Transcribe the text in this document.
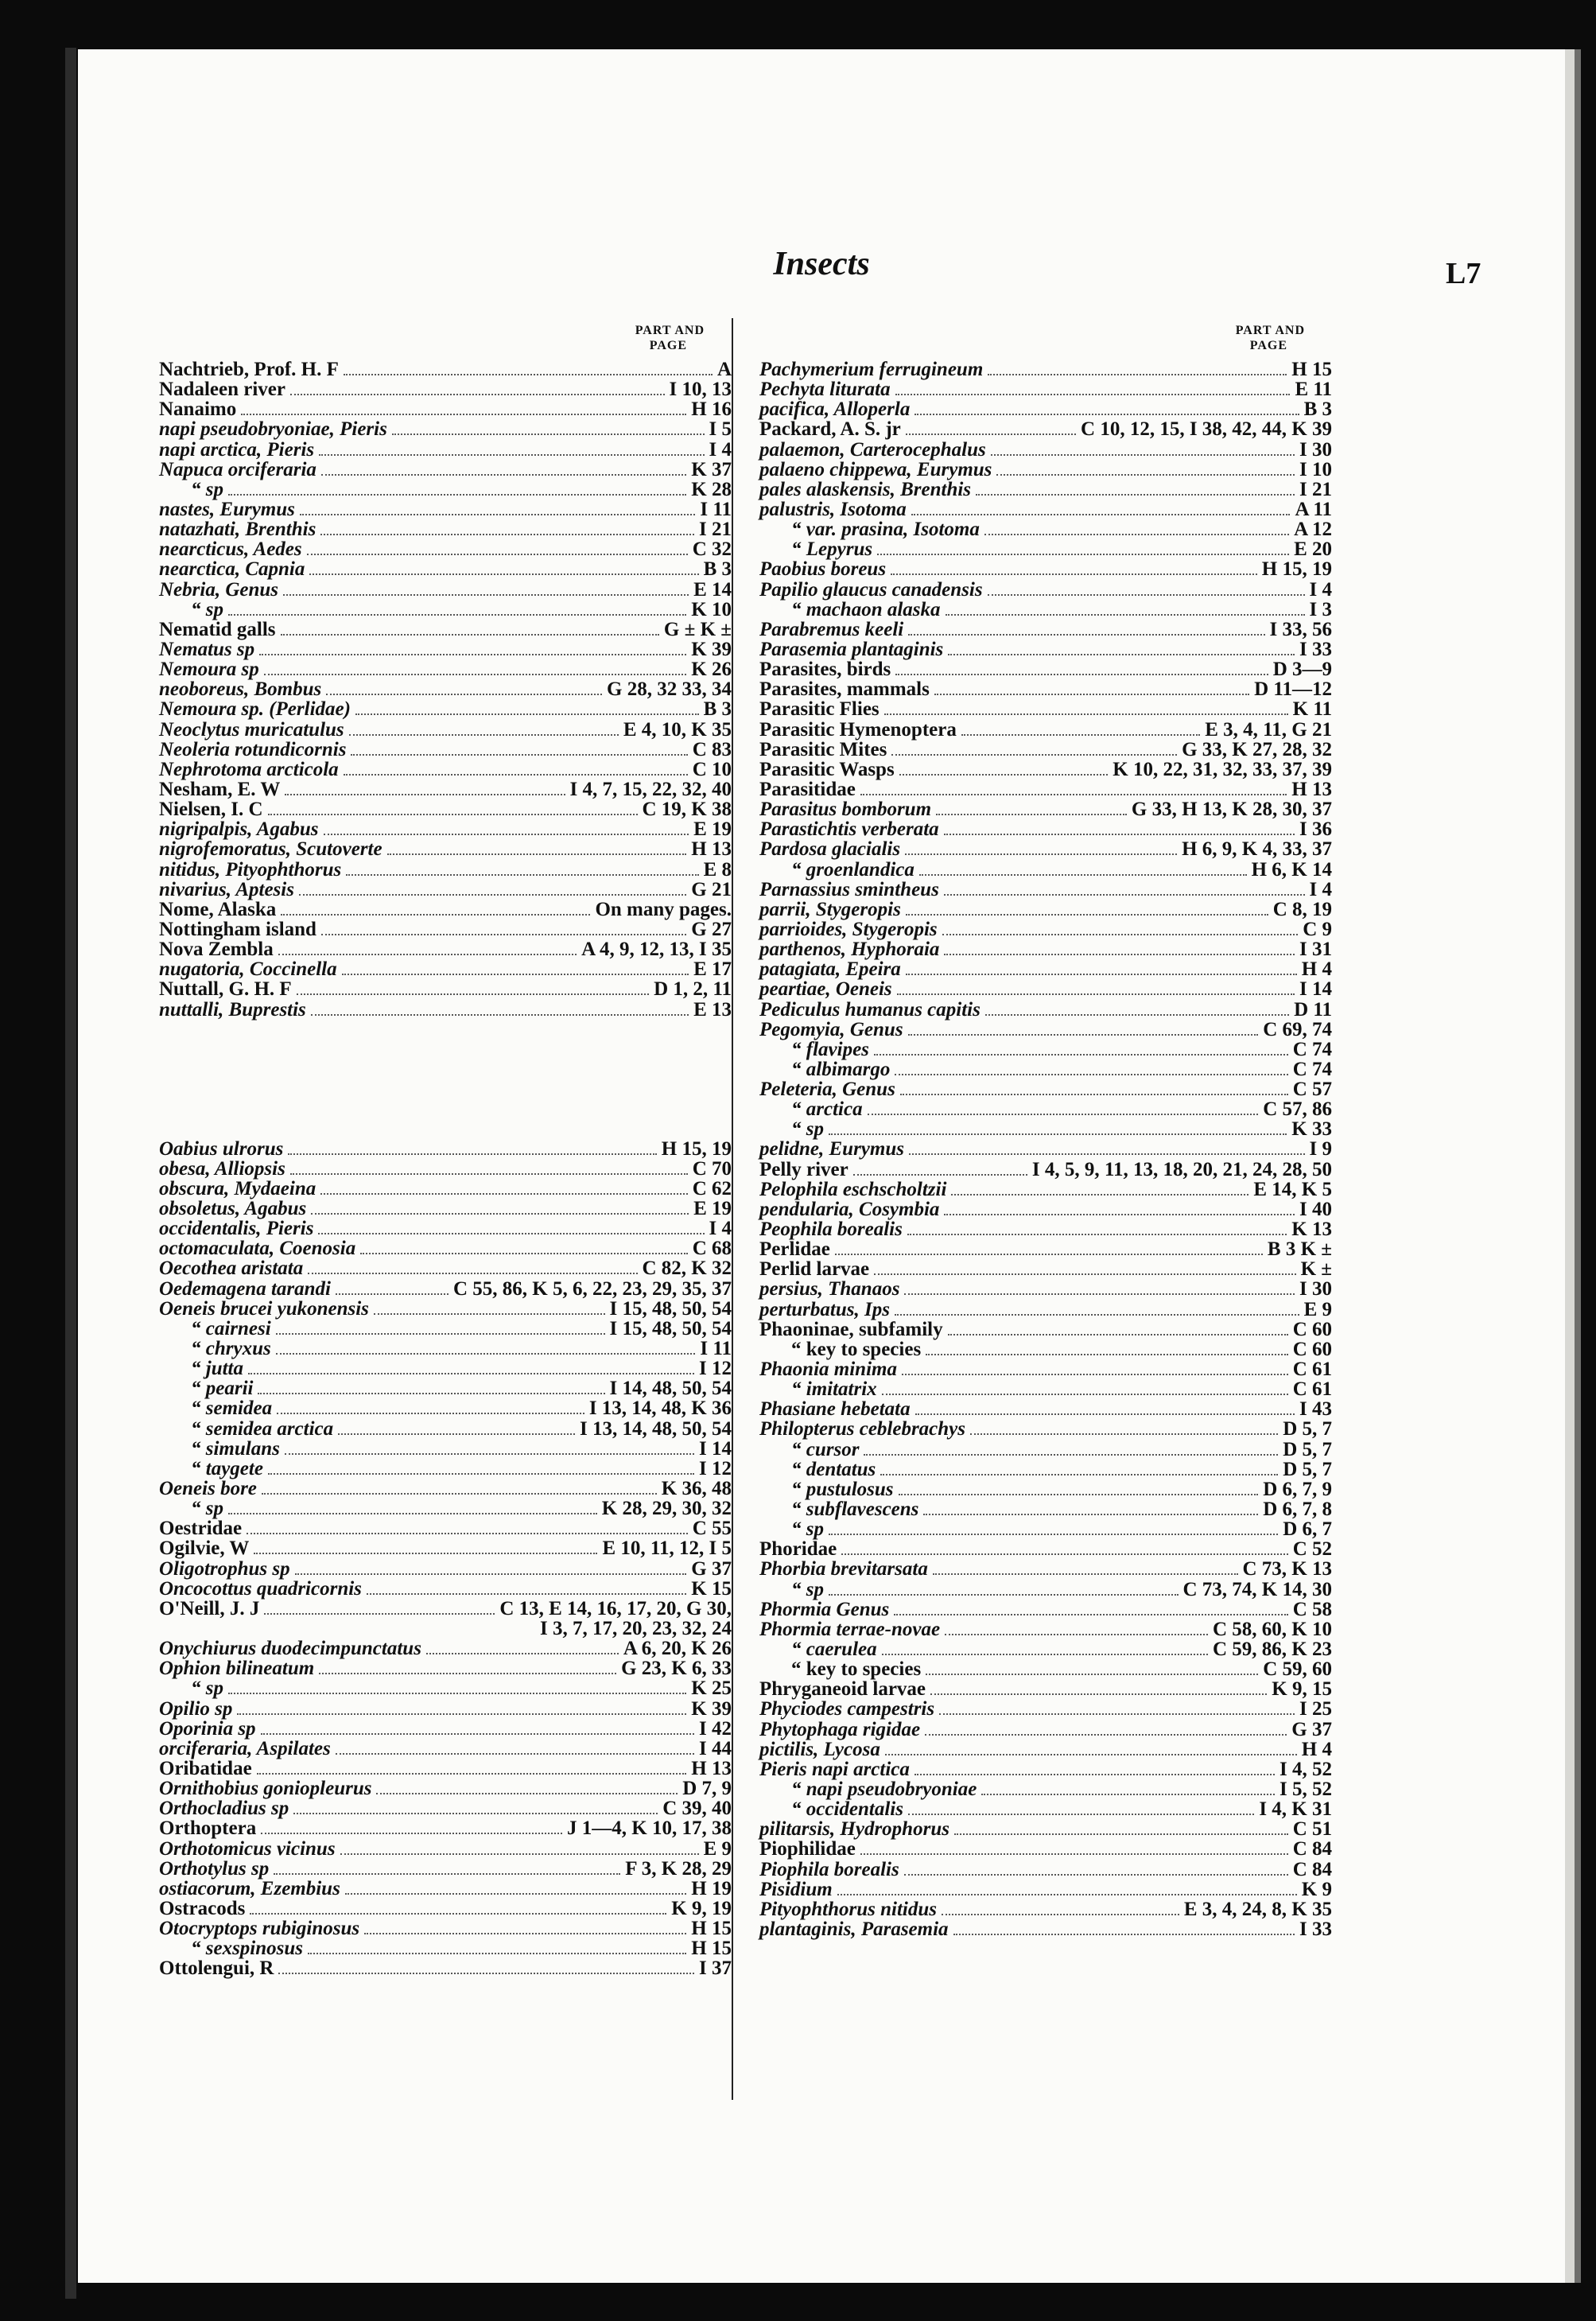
Insects	L7
PART AND
PAGE
Nachtrieb, Prof. H. F	A
Nadaleen river	I 10, 13
Nanaimo	H 16
napi pseudobryoniae, Pieris	I 5
napi arctica, Pieris	I 4
Napuca orciferaria	K 37
“ sp	K 28
nastes, Eurymus	I 11
natazhati, Brenthis	I 21
nearcticus, Aedes	C 32
nearctica, Capnia	B 3
Nebria, Genus	E 14
“ sp	K 10
Nematid galls	G ± K ±
Nematus sp	K 39
Nemoura sp	K 26
neoboreus, Bombus	G 28, 32 33, 34
Nemoura sp. (Perlidae)	B 3
Neoclytus muricatulus	E 4, 10, K 35
Neoleria rotundicornis	C 83
Nephrotoma arcticola	C 10
Nesham, E. W	I 4, 7, 15, 22, 32, 40
Nielsen, I. C	C 19, K 38
nigripalpis, Agabus	E 19
nigrofemoratus, Scutoverte	H 13
nitidus, Pityophthorus	E 8
nivarius, Aptesis	G 21
Nome, Alaska	On many pages.
Nottingham island	G 27
Nova Zembla	A 4, 9, 12, 13, I 35
nugatoria, Coccinella	E 17
Nuttall, G. H. F	D 1, 2, 11
nuttalli, Buprestis	E 13
Oabius ulrorus	H 15, 19
obesa, Alliopsis	C 70
obscura, Mydaeina	C 62
obsoletus, Agabus	E 19
occidentalis, Pieris	I 4
octomaculata, Coenosia	C 68
Oecothea aristata	C 82, K 32
Oedemagena tarandi	C 55, 86, K 5, 6, 22, 23, 29, 35, 37
Oeneis brucei yukonensis	I 15, 48, 50, 54
“ cairnesi	I 15, 48, 50, 54
“ chryxus	I 11
“ jutta	I 12
“ pearii	I 14, 48, 50, 54
“ semidea	I 13, 14, 48, K 36
“ semidea arctica	I 13, 14, 48, 50, 54
“ simulans	I 14
“ taygete	I 12
Oeneis bore	K 36, 48
“ sp	K 28, 29, 30, 32
Oestridae	C 55
Ogilvie, W	E 10, 11, 12, I 5
Oligotrophus sp	G 37
Oncocottus quadricornis	K 15
O'Neill, J. J	C 13, E 14, 16, 17, 20, G 30,
I 3, 7, 17, 20, 23, 32, 24
Onychiurus duodecimpunctatus	A 6, 20, K 26
Ophion bilineatum	G 23, K 6, 33
“ sp	K 25
Opilio sp	K 39
Oporinia sp	I 42
orciferaria, Aspilates	I 44
Oribatidae	H 13
Ornithobius gonioplеurus	D 7, 9
Orthocladius sp	C 39, 40
Orthoptera	J 1—4, K 10, 17, 38
Orthotomicus vicinus	E 9
Orthotylus sp	F 3, K 28, 29
ostiacorum, Ezembius	H 19
Ostracods	K 9, 19
Otocryptops rubiginosus	H 15
“ sexspinosus	H 15
Ottolengui, R	I 37
PART AND
PAGE
Pachymerium ferrugineum	H 15
Pechyta liturata	E 11
pacifica, Alloperla	B 3
Packard, A. S. jr	C 10, 12, 15, I 38, 42, 44, K 39
palaemon, Carterocephalus	I 30
palaeno chippewa, Eurymus	I 10
pales alaskensis, Brenthis	I 21
palustris, Isotoma	A 11
“ var. prasina, Isotoma	A 12
“ Lepyrus	E 20
Paobius boreus	H 15, 19
Papilio glaucus canadensis	I 4
“ machaon alaska	I 3
Parabremus keeli	I 33, 56
Parasemia plantaginis	I 33
Parasites, birds	D 3—9
Parasites, mammals	D 11—12
Parasitic Flies	K 11
Parasitic Hymenoptera	E 3, 4, 11, G 21
Parasitic Mites	G 33, K 27, 28, 32
Parasitic Wasps	K 10, 22, 31, 32, 33, 37, 39
Parasitidae	H 13
Parasitus bomborum	G 33, H 13, K 28, 30, 37
Parastichtis verberata	I 36
Pardosa glacialis	H 6, 9, K 4, 33, 37
“ groenlandica	H 6, K 14
Parnassius smintheus	I 4
parrii, Stygeropis	C 8, 19
parrioides, Stygeropis	C 9
parthenos, Hyphoraia	I 31
patagiata, Epeira	H 4
peartiae, Oeneis	I 14
Pediculus humanus capitis	D 11
Pegomyia, Genus	C 69, 74
“ flavipes	C 74
“ albimargo	C 74
Peleteria, Genus	C 57
“ arctica	C 57, 86
“ sp	K 33
pelidne, Eurymus	I 9
Pelly river	I 4, 5, 9, 11, 13, 18, 20, 21, 24, 28, 50
Pelophila eschscholtzii	E 14, K 5
pendularia, Cosymbia	I 40
Peophila borealis	K 13
Perlidae	B 3 K ±
Perlid larvae	K ±
persius, Thanaos	I 30
perturbatus, Ips	E 9
Phaoninae, subfamily	C 60
“ key to species	C 60
Phaonia minima	C 61
“ imitatrix	C 61
Phasiane hebetata	I 43
Philopterus ceblebrachys	D 5, 7
“ cursor	D 5, 7
“ dentatus	D 5, 7
“ pustulosus	D 6, 7, 9
“ subflavescens	D 6, 7, 8
“ sp	D 6, 7
Phoridae	C 52
Phorbia brevitarsata	C 73, K 13
“ sp	C 73, 74, K 14, 30
Phormia Genus	C 58
Phormia terrae-novae	C 58, 60, K 10
“ caerulea	C 59, 86, K 23
“ key to species	C 59, 60
Phryganeoid larvae	K 9, 15
Phyciodes campestris	I 25
Phytophaga rigidae	G 37
pictilis, Lycosa	H 4
Pieris napi arctica	I 4, 52
“ napi pseudobryoniae	I 5, 52
“ occidentalis	I 4, K 31
pilitarsis, Hydrophorus	C 51
Piophilidae	C 84
Piophila borealis	C 84
Pisidium	K 9
Pityophthorus nitidus	E 3, 4, 24, 8, K 35
plantaginis, Parasemia	I 33
